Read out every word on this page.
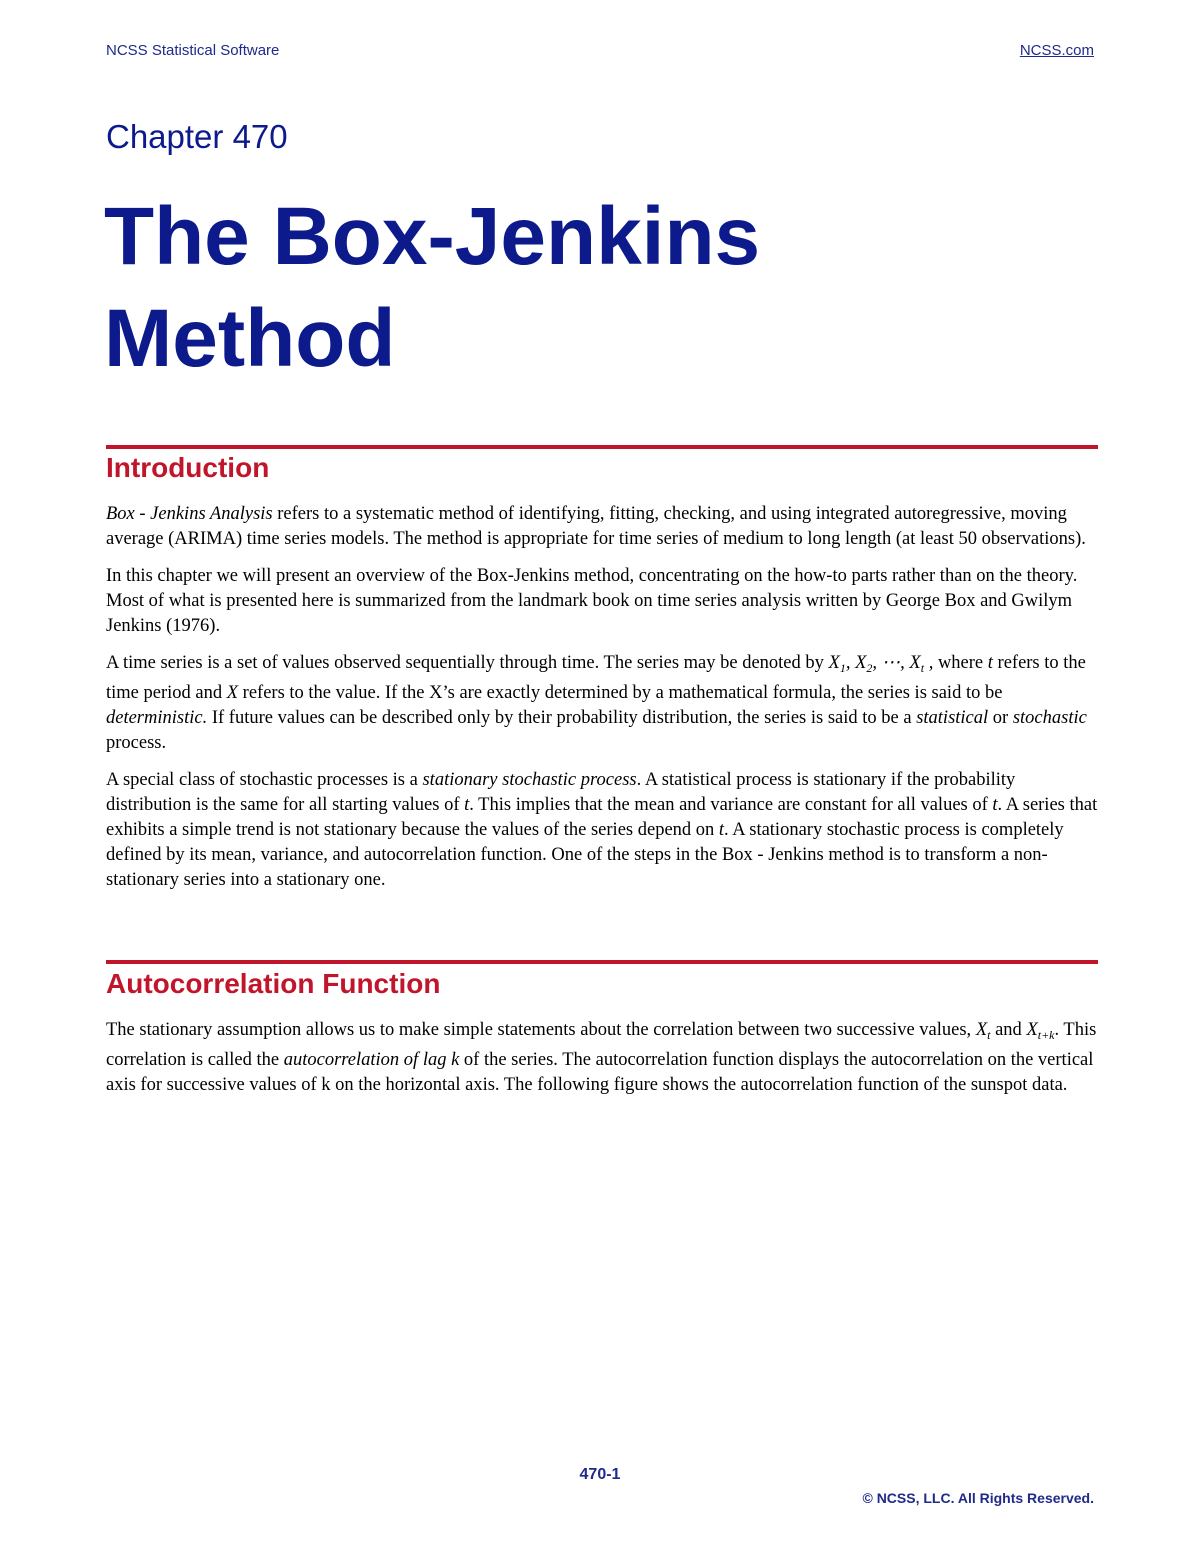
NCSS Statistical Software	NCSS.com
Chapter 470
The Box-Jenkins
Method
Introduction

Box - Jenkins Analysis refers to a systematic method of identifying, fitting, checking, and using integrated autoregressive, moving average (ARIMA) time series models. The method is appropriate for time series of medium to long length (at least 50 observations).

In this chapter we will present an overview of the Box-Jenkins method, concentrating on the how-to parts rather than on the theory. Most of what is presented here is summarized from the landmark book on time series analysis written by George Box and Gwilym Jenkins (1976).

A time series is a set of values observed sequentially through time. The series may be denoted by $X_1$, $X_2$, ⋯, $X_t$ , where t refers to the time period and X refers to the value. If the X’s are exactly determined by a mathematical formula, the series is said to be deterministic. If future values can be described only by their probability distribution, the series is said to be a statistical or stochastic process.

A special class of stochastic processes is a stationary stochastic process. A statistical process is stationary if the probability distribution is the same for all starting values of t. This implies that the mean and variance are constant for all values of t. A series that exhibits a simple trend is not stationary because the values of the series depend on t. A stationary stochastic process is completely defined by its mean, variance, and autocorrelation function. One of the steps in the Box - Jenkins method is to transform a non-stationary series into a stationary one.

Autocorrelation Function

The stationary assumption allows us to make simple statements about the correlation between two successive values, $X_t$ and $X_{t+k}$. This correlation is called the autocorrelation of lag k of the series. The autocorrelation function displays the autocorrelation on the vertical axis for successive values of k on the horizontal axis. The following figure shows the autocorrelation function of the sunspot data.

470-1
© NCSS, LLC. All Rights Reserved.
